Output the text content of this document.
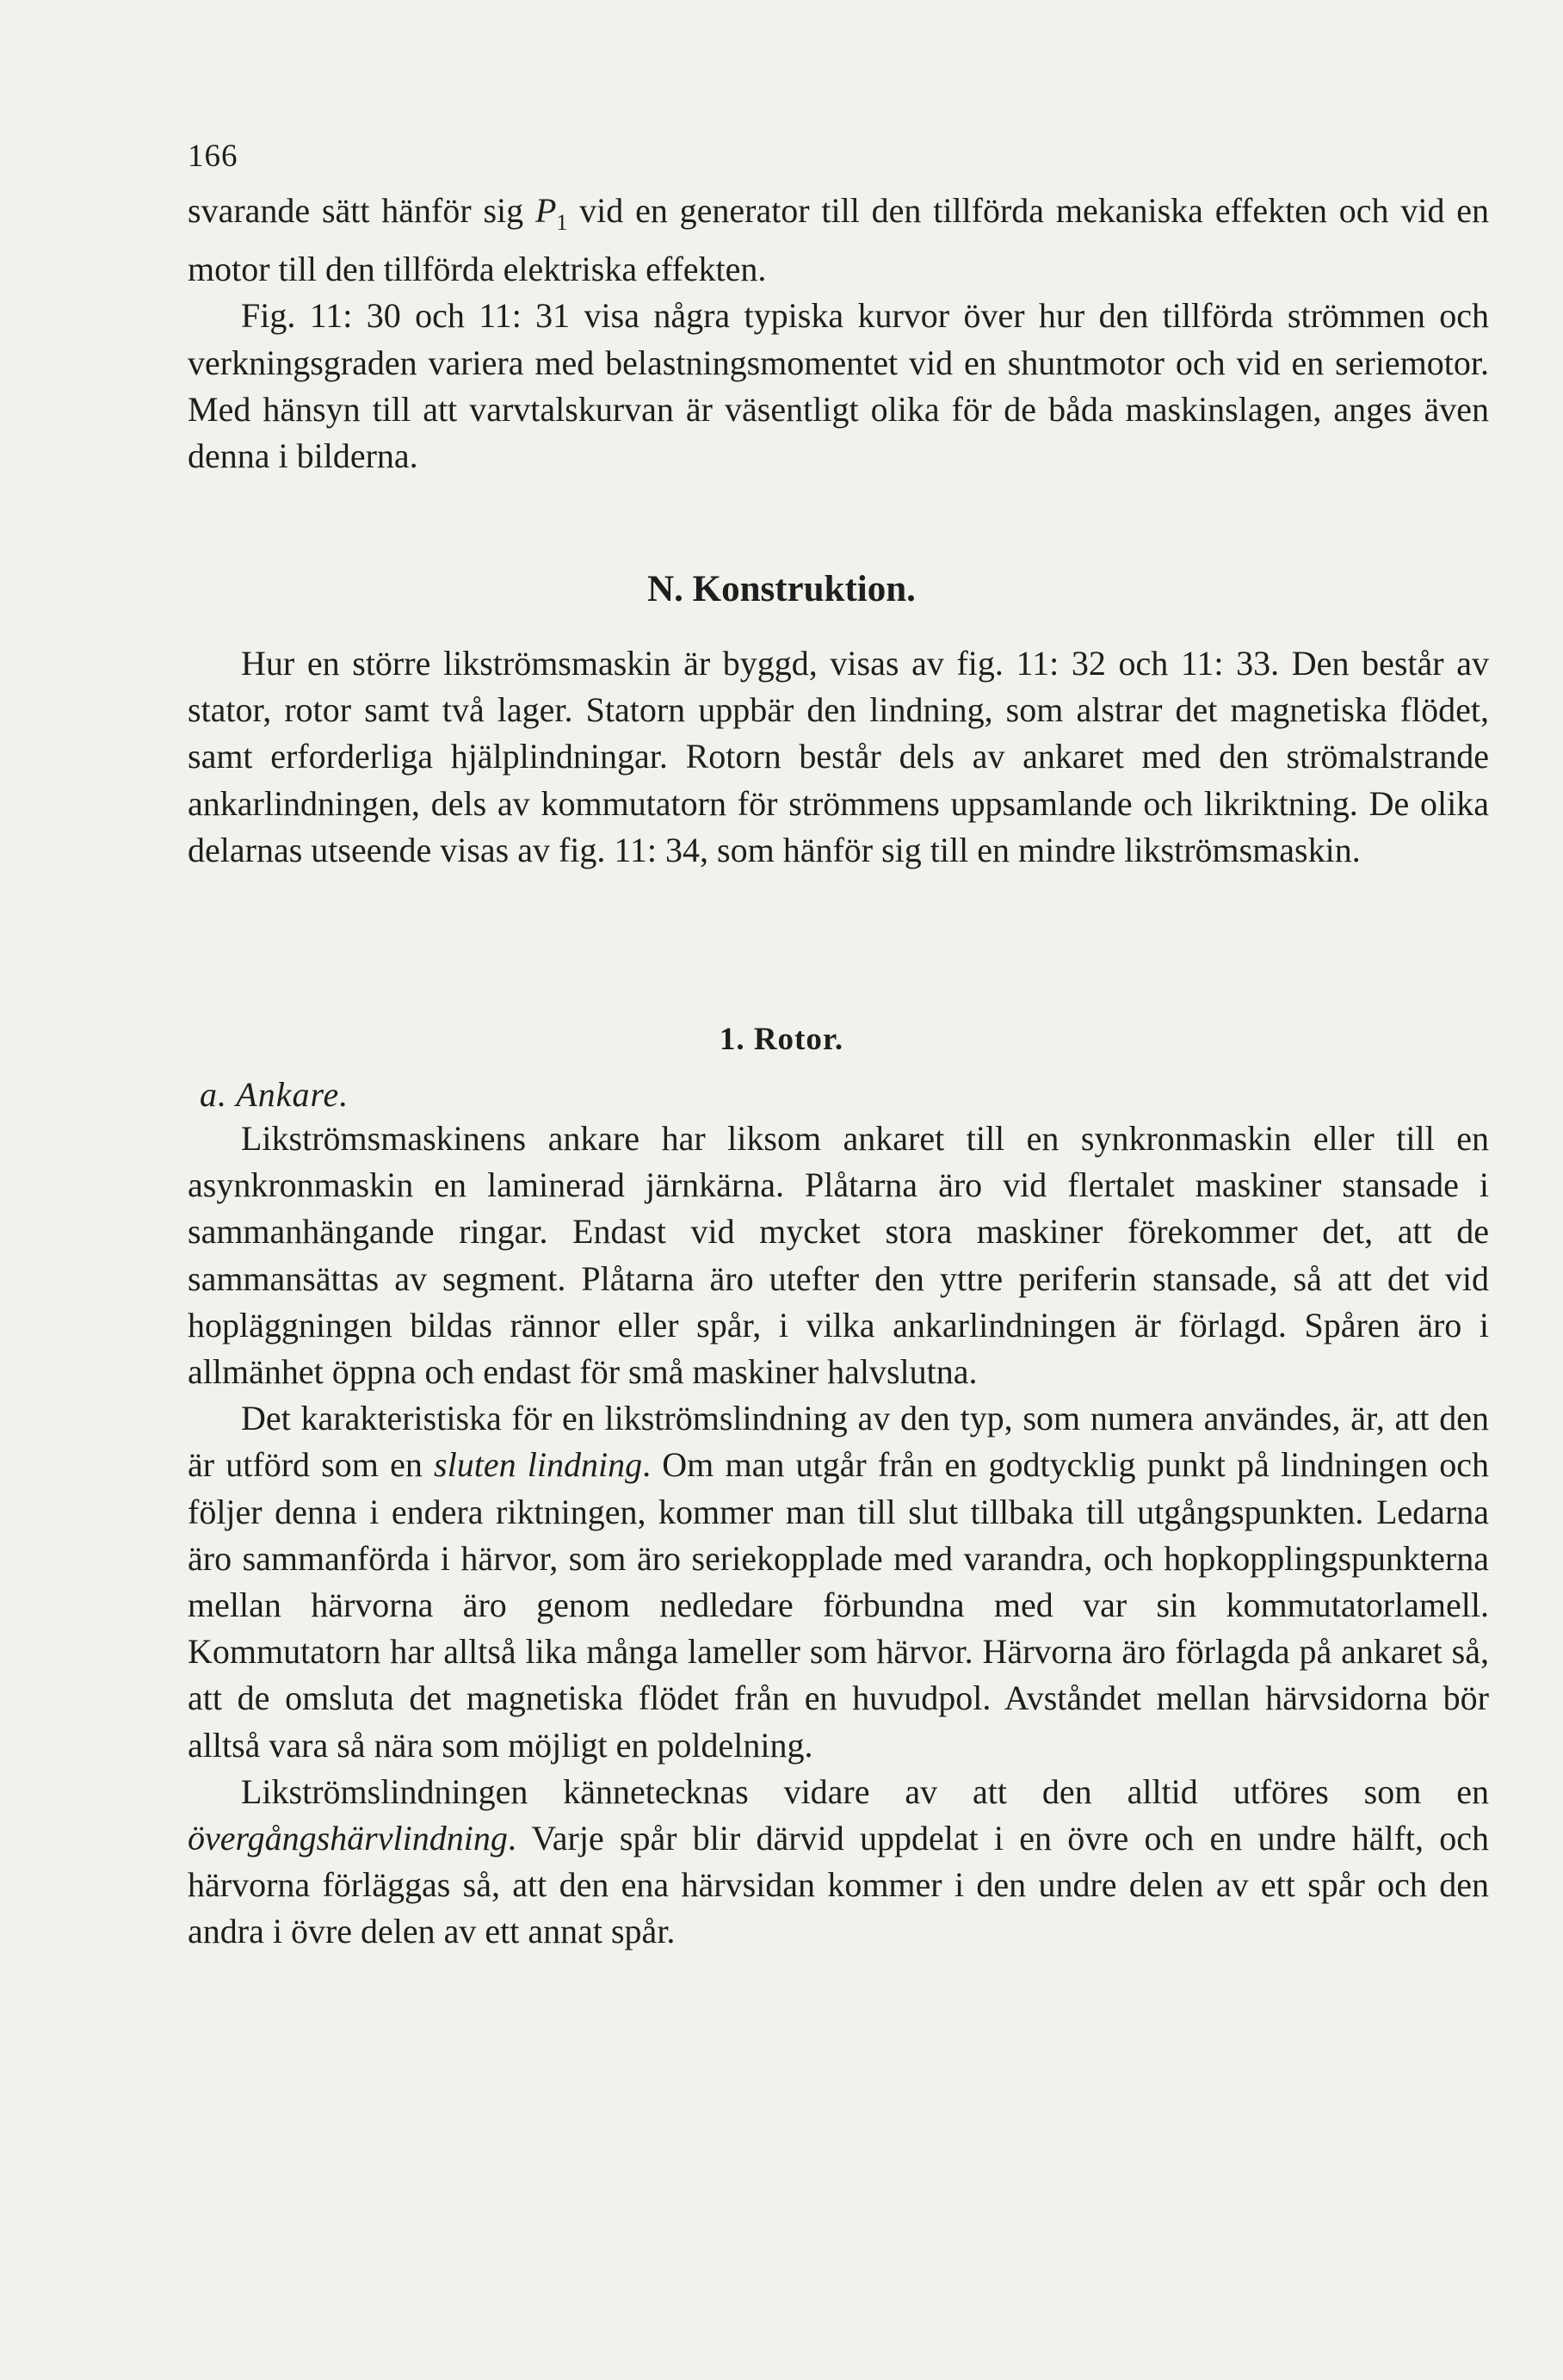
166

svarande sätt hänför sig $P_1$ vid en generator till den tillförda mekaniska effekten och vid en motor till den tillförda elektriska effekten.

Fig. 11: 30 och 11: 31 visa några typiska kurvor över hur den tillförda strömmen och verkningsgraden variera med belastningsmomentet vid en shuntmotor och vid en seriemotor. Med hänsyn till att varvtalskurvan är väsentligt olika för de båda maskinslagen, anges även denna i bilderna.

N. Konstruktion.

Hur en större likströmsmaskin är byggd, visas av fig. 11: 32 och 11: 33. Den består av stator, rotor samt två lager. Statorn uppbär den lindning, som alstrar det magnetiska flödet, samt erforderliga hjälplindningar. Rotorn består dels av ankaret med den strömalstrande ankarlindningen, dels av kommutatorn för strömmens uppsamlande och likriktning. De olika delarnas utseende visas av fig. 11: 34, som hänför sig till en mindre likströmsmaskin.

1. Rotor.
a. Ankare.

Likströmsmaskinens ankare har liksom ankaret till en synkronmaskin eller till en asynkronmaskin en laminerad järnkärna. Plåtarna äro vid flertalet maskiner stansade i sammanhängande ringar. Endast vid mycket stora maskiner förekommer det, att de sammansättas av segment. Plåtarna äro utefter den yttre periferin stansade, så att det vid hopläggningen bildas rännor eller spår, i vilka ankarlindningen är förlagd. Spåren äro i allmänhet öppna och endast för små maskiner halvslutna.

Det karakteristiska för en likströmslindning av den typ, som numera användes, är, att den är utförd som en sluten lindning. Om man utgår från en godtycklig punkt på lindningen och följer denna i endera riktningen, kommer man till slut tillbaka till utgångspunkten. Ledarna äro sammanförda i härvor, som äro seriekopplade med varandra, och hopkopplingspunkterna mellan härvorna äro genom nedledare förbundna med var sin kommutatorlamell. Kommutatorn har alltså lika många lameller som härvor. Härvorna äro förlagda på ankaret så, att de omsluta det magnetiska flödet från en huvudpol. Avståndet mellan härvsidorna bör alltså vara så nära som möjligt en poldelning.

Likströmslindningen kännetecknas vidare av att den alltid utföres som en övergångshärvlindning. Varje spår blir därvid uppdelat i en övre och en undre hälft, och härvorna förläggas så, att den ena härvsidan kommer i den undre delen av ett spår och den andra i övre delen av ett annat spår.
